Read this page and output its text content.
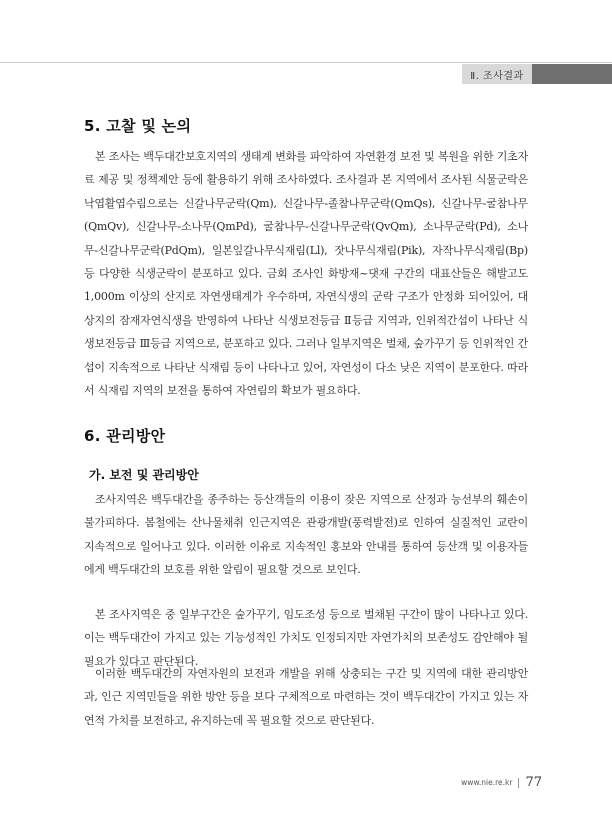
Ⅱ. 조사결과
5. 고찰 및 논의

본 조사는 백두대간보호지역의 생태계 변화를 파악하여 자연환경 보전 및 복원을 위한 기초자료 제공 및 정책제안 등에 활용하기 위해 조사하였다. 조사결과 본 지역에서 조사된 식물군락은 낙엽활엽수림으로는 신갈나무군락(Qm), 신갈나무-졸참나무군락(QmQs), 신갈나무-굴참나무(QmQv), 신갈나무-소나무(QmPd), 굴참나무-신갈나무군락(QvQm), 소나무군락(Pd), 소나무-신갈나무군락(PdQm), 일본잎갈나무식재림(Ll), 잣나무식재림(Pik), 자작나무식재림(Bp) 등 다양한 식생군락이 분포하고 있다. 금회 조사인 화방재~댓재 구간의 대표산들은 해발고도 1,000m 이상의 산지로 자연생태계가 우수하며, 자연식생의 군락 구조가 안정화 되어있어, 대상지의 잠재자연식생을 반영하여 나타난 식생보전등급 Ⅱ등급 지역과, 인위적간섭이 나타난 식생보전등급 Ⅲ등급 지역으로, 분포하고 있다. 그러나 일부지역은 벌채, 숲가꾸기 등 인위적인 간섭이 지속적으로 나타난 식재림 등이 나타나고 있어, 자연성이 다소 낮은 지역이 분포한다. 따라서 식재림 지역의 보전을 통하여 자연림의 확보가 필요하다.

6. 관리방안
가. 보전 및 관리방안

조사지역은 백두대간을 종주하는 등산객들의 이용이 잦은 지역으로 산정과 능선부의 훼손이 불가피하다. 봄철에는 산나물채취 인근지역은 관광개발(풍력발전)로 인하여 실질적인 교란이 지속적으로 일어나고 있다. 이러한 이유로 지속적인 홍보와 안내를 통하여 등산객 및 이용자들에게 백두대간의 보호를 위한 알림이 필요할 것으로 보인다.

본 조사지역은 중 일부구간은 숲가꾸기, 임도조성 등으로 벌채된 구간이 많이 나타나고 있다. 이는 백두대간이 가지고 있는 기능성적인 가치도 인정되지만 자연가치의 보존성도 감안해야 될 필요가 있다고 판단된다.

이러한 백두대간의 자연자원의 보전과 개발을 위해 상충되는 구간 및 지역에 대한 관리방안과, 인근 지역민들을 위한 방안 등을 보다 구체적으로 마련하는 것이 백두대간이 가지고 있는 자연적 가치를 보전하고, 유지하는데 꼭 필요할 것으로 판단된다.

www.nie.re.kr 77
